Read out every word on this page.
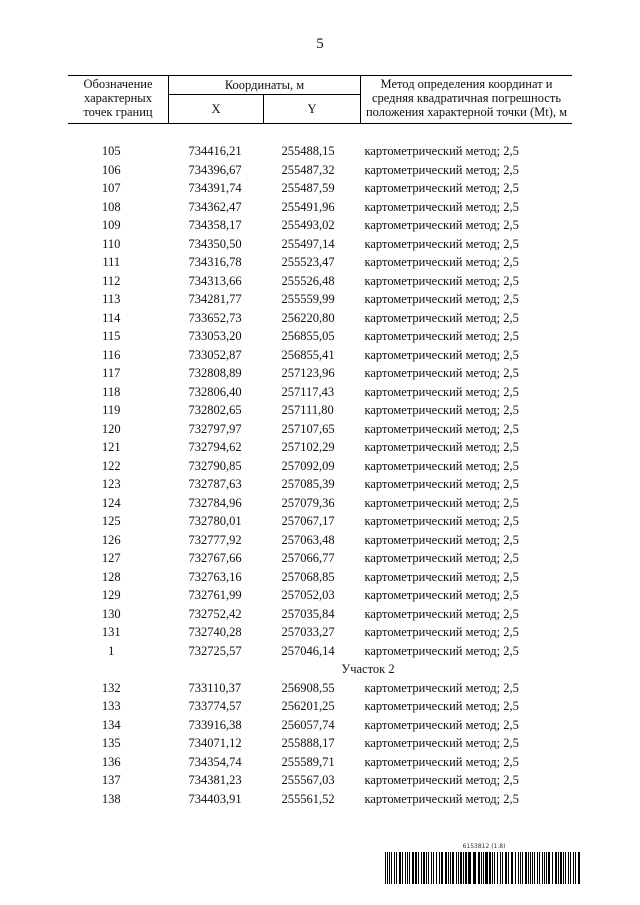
5
Обозначение характерных точек границ	Координаты, м		Метод определения координат и средняя квадратичная погрешность положения характерной точки (Mt), м
	X	Y	

105	734416,21	255488,15	картометрический метод; 2,5
106	734396,67	255487,32	картометрический метод; 2,5
107	734391,74	255487,59	картометрический метод; 2,5
108	734362,47	255491,96	картометрический метод; 2,5
109	734358,17	255493,02	картометрический метод; 2,5
110	734350,50	255497,14	картометрический метод; 2,5
111	734316,78	255523,47	картометрический метод; 2,5
112	734313,66	255526,48	картометрический метод; 2,5
113	734281,77	255559,99	картометрический метод; 2,5
114	733652,73	256220,80	картометрический метод; 2,5
115	733053,20	256855,05	картометрический метод; 2,5
116	733052,87	256855,41	картометрический метод; 2,5
117	732808,89	257123,96	картометрический метод; 2,5
118	732806,40	257117,43	картометрический метод; 2,5
119	732802,65	257111,80	картометрический метод; 2,5
120	732797,97	257107,65	картометрический метод; 2,5
121	732794,62	257102,29	картометрический метод; 2,5
122	732790,85	257092,09	картометрический метод; 2,5
123	732787,63	257085,39	картометрический метод; 2,5
124	732784,96	257079,36	картометрический метод; 2,5
125	732780,01	257067,17	картометрический метод; 2,5
126	732777,92	257063,48	картометрический метод; 2,5
127	732767,66	257066,77	картометрический метод; 2,5
128	732763,16	257068,85	картометрический метод; 2,5
129	732761,99	257052,03	картометрический метод; 2,5
130	732752,42	257035,84	картометрический метод; 2,5
131	732740,28	257033,27	картометрический метод; 2,5
1	732725,57	257046,14	картометрический метод; 2,5
Участок 2			
132	733110,37	256908,55	картометрический метод; 2,5
133	733774,57	256201,25	картометрический метод; 2,5
134	733916,38	256057,74	картометрический метод; 2,5
135	734071,12	255888,17	картометрический метод; 2,5
136	734354,74	255589,71	картометрический метод; 2,5
137	734381,23	255567,03	картометрический метод; 2,5
138	734403,91	255561,52	картометрический метод; 2,5
6153812 (1.8)
